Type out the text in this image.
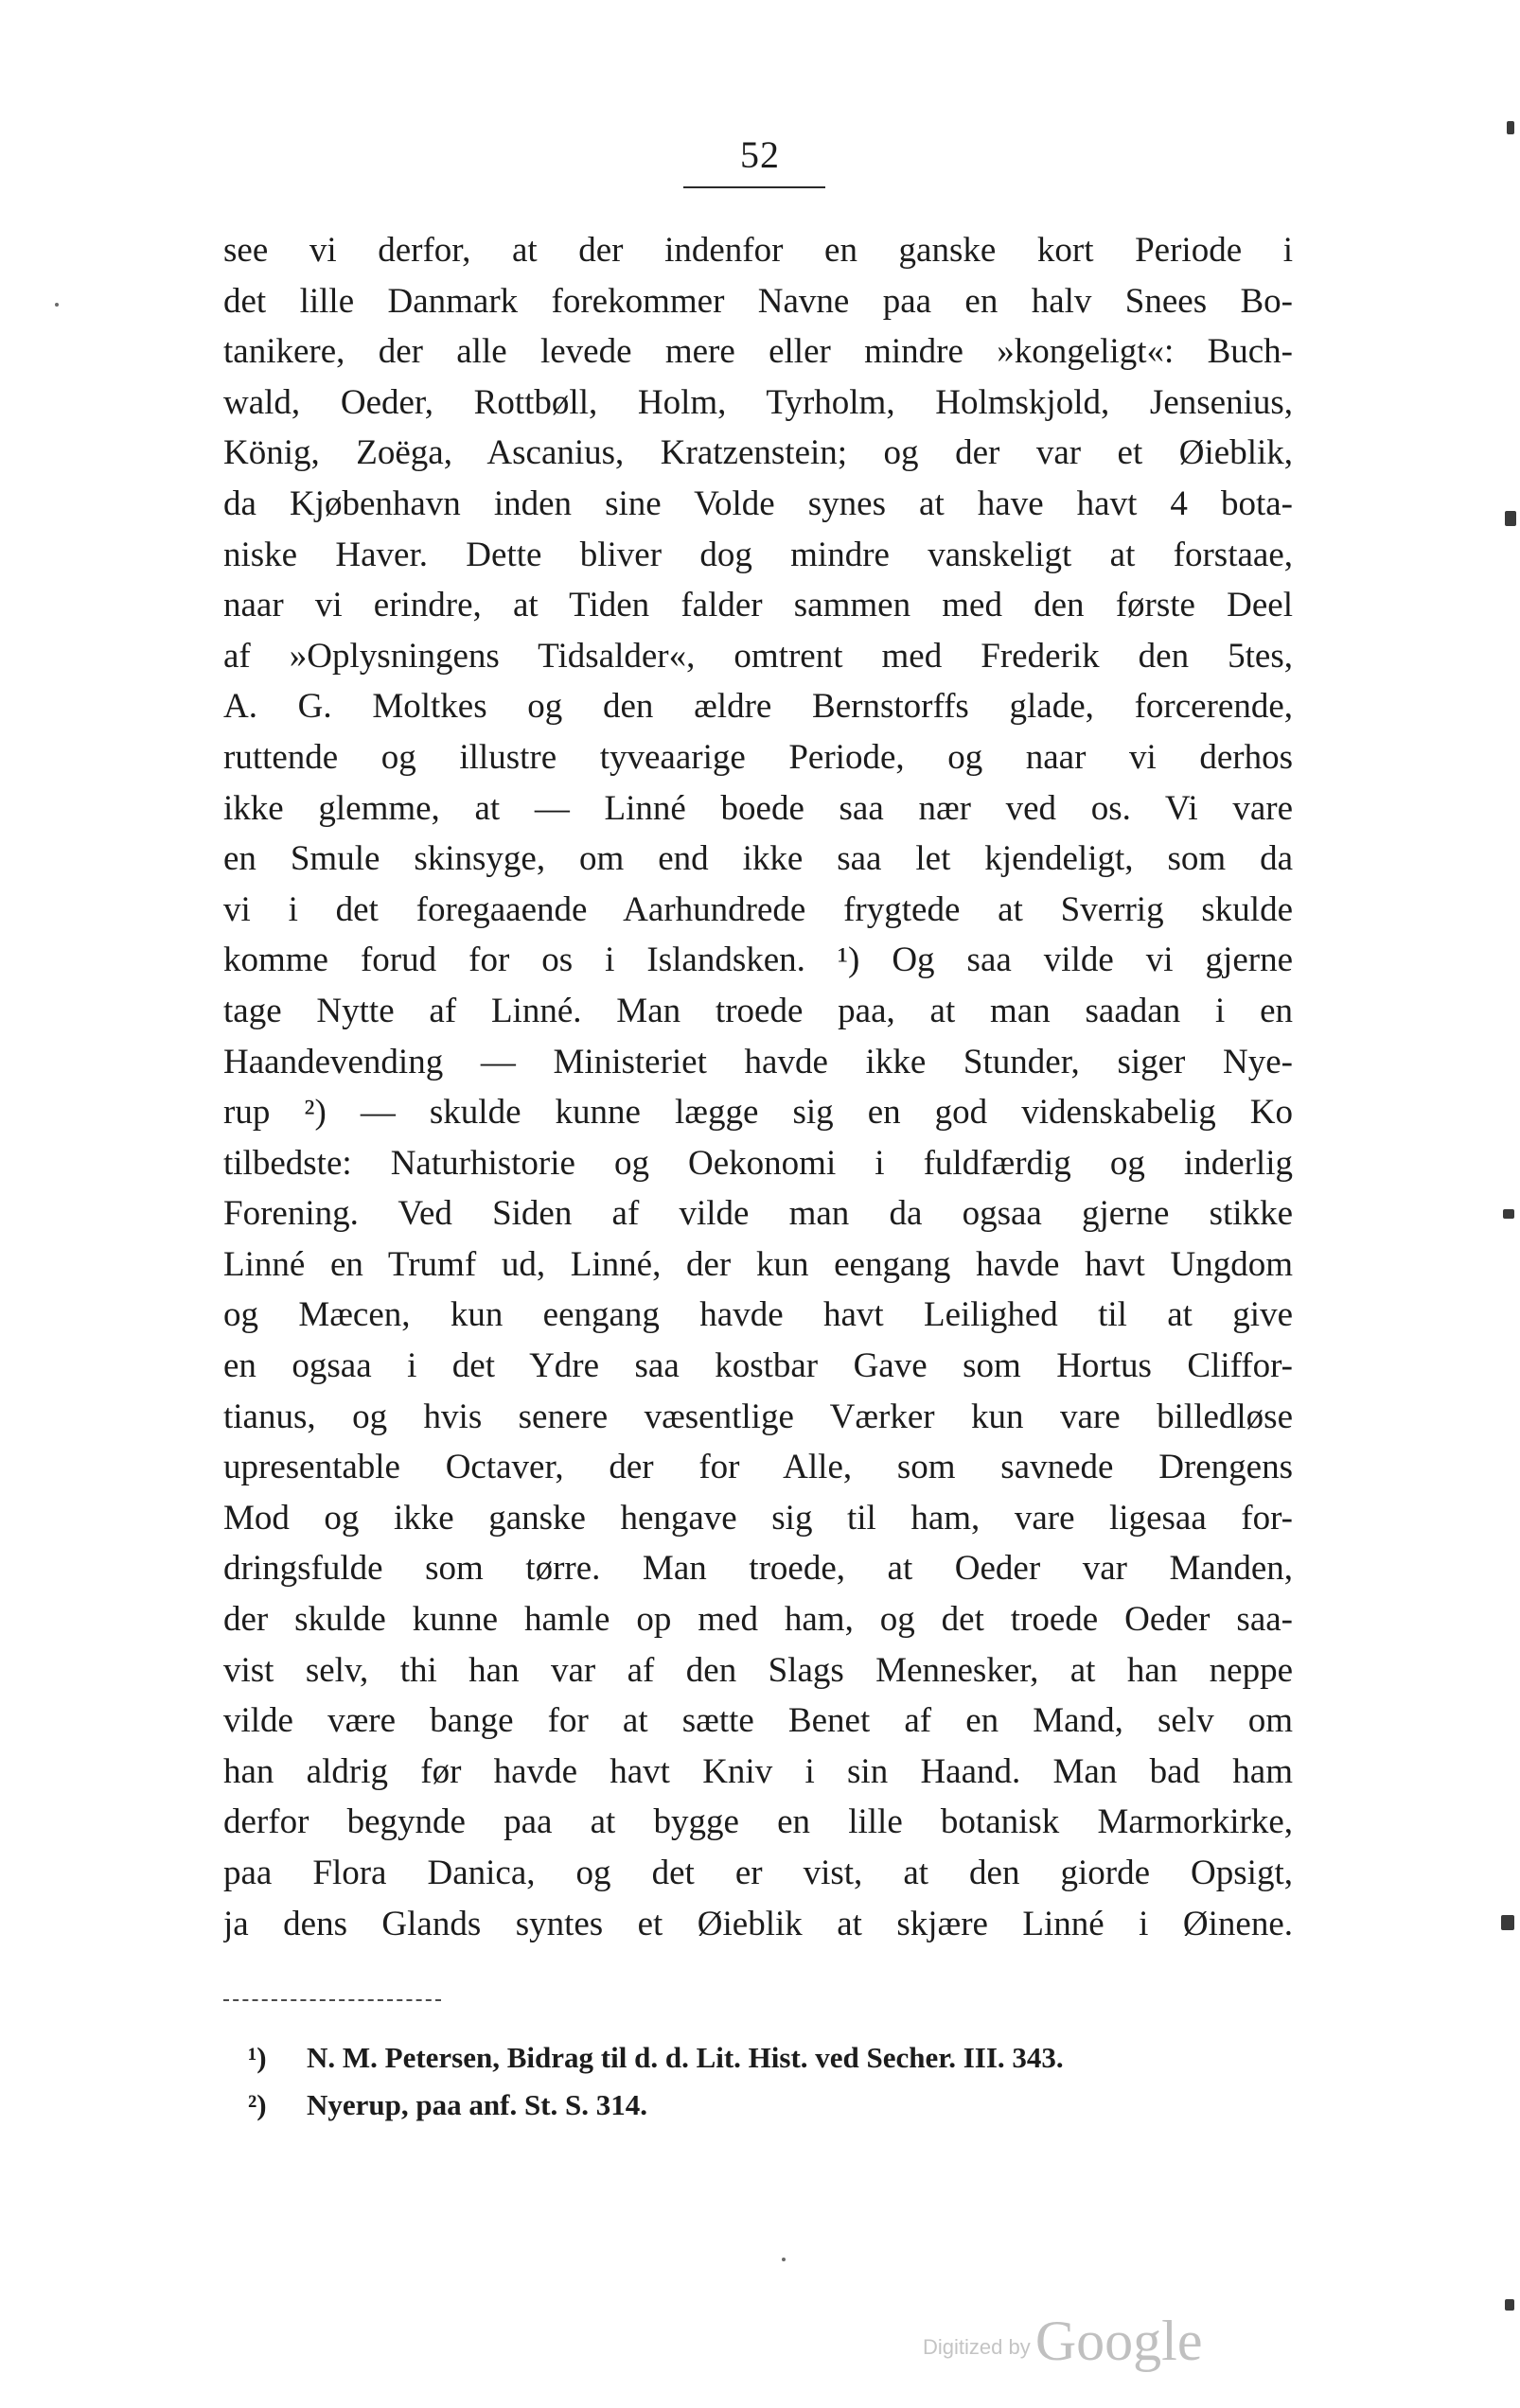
52
see vi derfor, at der indenfor en ganske kort Periode i
det lille Danmark forekommer Navne paa en halv Snees Bo-
tanikere, der alle levede mere eller mindre »kongeligt«: Buch-
wald, Oeder, Rottbøll, Holm, Tyrholm, Holmskjold, Jensenius,
König, Zoëga, Ascanius, Kratzenstein; og der var et Øieblik,
da Kjøbenhavn inden sine Volde synes at have havt 4 bota-
niske Haver. Dette bliver dog mindre vanskeligt at forstaae,
naar vi erindre, at Tiden falder sammen med den første Deel
af »Oplysningens Tidsalder«, omtrent med Frederik den 5tes,
A. G. Moltkes og den ældre Bernstorffs glade, forcerende,
ruttende og illustre tyveaarige Periode, og naar vi derhos
ikke glemme, at — Linné boede saa nær ved os. Vi vare
en Smule skinsyge, om end ikke saa let kjendeligt, som da
vi i det foregaaende Aarhundrede frygtede at Sverrig skulde
komme forud for os i Islandsken. ¹) Og saa vilde vi gjerne
tage Nytte af Linné. Man troede paa, at man saadan i en
Haandevending — Ministeriet havde ikke Stunder, siger Nye-
rup ²) — skulde kunne lægge sig en god videnskabelig Ko
tilbedste: Naturhistorie og Oekonomi i fuldfærdig og inderlig
Forening. Ved Siden af vilde man da ogsaa gjerne stikke
Linné en Trumf ud, Linné, der kun eengang havde havt Ungdom
og Mæcen, kun eengang havde havt Leilighed til at give
en ogsaa i det Ydre saa kostbar Gave som Hortus Cliffor-
tianus, og hvis senere væsentlige Værker kun vare billedløse
upresentable Octaver, der for Alle, som savnede Drengens
Mod og ikke ganske hengave sig til ham, vare ligesaa for-
dringsfulde som tørre. Man troede, at Oeder var Manden,
der skulde kunne hamle op med ham, og det troede Oeder saa-
vist selv, thi han var af den Slags Mennesker, at han neppe
vilde være bange for at sætte Benet af en Mand, selv om
han aldrig før havde havt Kniv i sin Haand. Man bad ham
derfor begynde paa at bygge en lille botanisk Marmorkirke,
paa Flora Danica, og det er vist, at den giorde Opsigt,
ja dens Glands syntes et Øieblik at skjære Linné i Øinene.
¹) N. M. Petersen, Bidrag til d. d. Lit. Hist. ved Secher. III. 343.
²) Nyerup, paa anf. St. S. 314.
Digitized by Google
